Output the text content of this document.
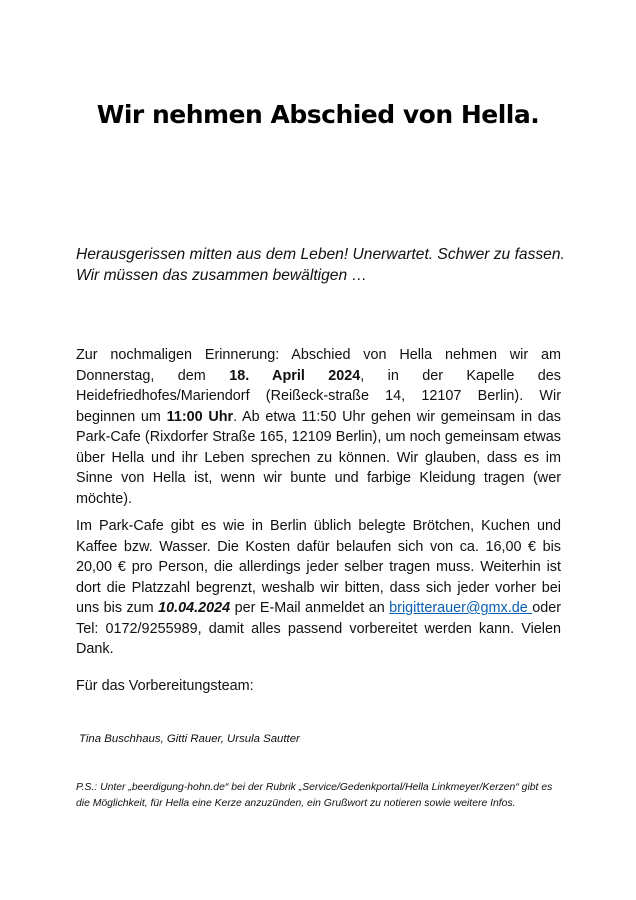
Wir nehmen Abschied von Hella.
Herausgerissen mitten aus dem Leben! Unerwartet. Schwer zu fassen.
Wir müssen das zusammen bewältigen …
Zur nochmaligen Erinnerung: Abschied von Hella nehmen wir am Donnerstag, dem 18. April 2024, in der Kapelle des Heidefriedhofes/Mariendorf (Reißeck-straße 14, 12107 Berlin). Wir beginnen um 11:00 Uhr. Ab etwa 11:50 Uhr gehen wir gemeinsam in das Park-Cafe (Rixdorfer Straße 165, 12109 Berlin), um noch gemeinsam etwas über Hella und ihr Leben sprechen zu können. Wir glauben, dass es im Sinne von Hella ist, wenn wir bunte und farbige Kleidung tragen (wer möchte).
Im Park-Cafe gibt es wie in Berlin üblich belegte Brötchen, Kuchen und Kaffee bzw. Wasser. Die Kosten dafür belaufen sich von ca. 16,00 € bis 20,00 € pro Person, die allerdings jeder selber tragen muss. Weiterhin ist dort die Platzzahl begrenzt, weshalb wir bitten, dass sich jeder vorher bei uns bis zum 10.04.2024 per E-Mail anmeldet an brigitterauer@gmx.de oder Tel: 0172/9255989, damit alles passend vorbereitet werden kann. Vielen Dank.
Für das Vorbereitungsteam:
Tina Buschhaus, Gitti Rauer, Ursula Sautter
P.S.: Unter „beerdigung-hohn.de“ bei der Rubrik „Service/Gedenkportal/Hella Linkmeyer/Kerzen“ gibt es die Möglichkeit, für Hella eine Kerze anzuzünden, ein Grußwort zu notieren sowie weitere Infos.
